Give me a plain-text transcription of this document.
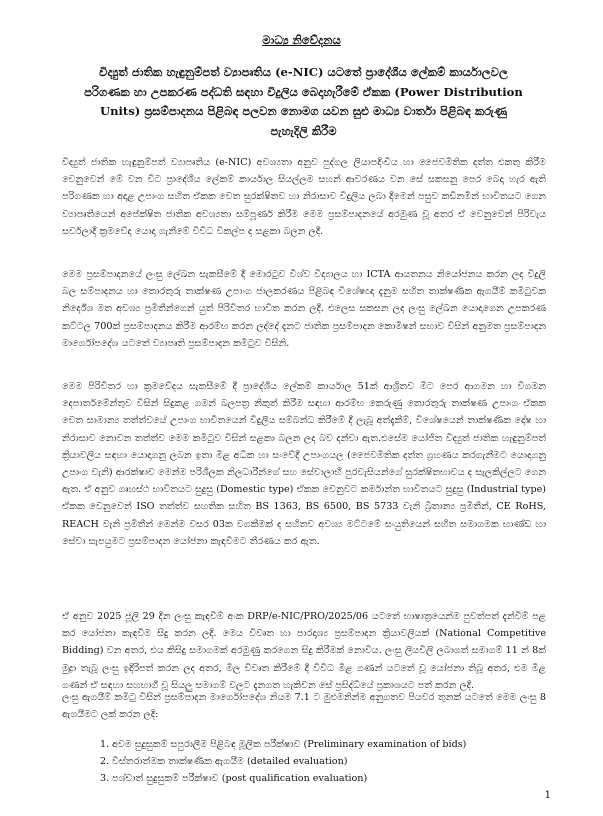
මාධ්‍ය නිවේදනය
විද්‍යුත් ජාතික හැඳුනුම්පත් ව්‍යාපෘතිය (e-NIC) යටතේ ප්‍රාදේශීය ලේකම් කාර්යාලවල
පරිගණක හා උපකරණ පද්ධති සඳහා විදුලිය බෙදාහැරීමේ ඒකක (Power Distribution
Units) ප්‍රසම්පාදනය පිළිබඳ පලවන නොමග යවන සුළු මාධ්‍ය වාර්තා පිළිබඳ කරුණු
පැහැදිලි කිරීම

විද්‍යුත් ජාතික හැඳුනුම්පත් ව්‍යාපෘතිය (e-NIC) අවශ්‍යතා අනුව පුද්ගල ලියාපදිංචිය හා ජෛවමිතික දත්ත එකතු කිරීම වෙනුවෙන් මේ වන විට ප්‍රාදේශීය ලේකම් කාර්යාල සියල්ලම සහන් ආවරණය වන සේ සකසනු පෙර බෙදා හැර ඇති පරිගණක හා අදාළ උපාංග සහිත ඒකක වෙත සුරක්ෂිතව හා නිරාසාව විදුලිය ලබා දීමෙන් පසුව කඩිනමින් භාවිතයට ගෙන ව්‍යාපෘතියෙන් අපේක්ෂිත ජාතික අවශ්‍යතා සම්පූර්ණ කිරීම මෙම ප්‍රසම්පාදනයේ අරමුණ වූ අතර ඒ වෙනුවෙන් පිරිවැය සර්වලාදී ක්‍රමවේද යොදා ගැනීමේ විවිධ විකල්ප ද සළකා බලන ලදී.

මෙම ප්‍රසම්පාදනයේ ලංසු ලේඛන සැකසීමේ දී මොරටුව විශ්ව විද්‍යාලය හා ICTA ආයතනය නියෝජනය කරන ලද විදුලි බල සම්පාදනය හා තොරතුරු තාක්ෂණ උපාංග ජාලකරණය පිළිබඳ විශේෂඥ දැනුම සහිත තාක්ෂණික ඇගයීම් කමිටුවක නිර්දේශ මත අවශ්‍ය ප්‍රමිතීන්ගෙන් යුත් පිරිවිතර භාවිත කරන ලදී. එලෙස සකසන ලද ලංසු ලේඛන යොදාගෙන උපකරණ කට්ටල 700ක් ප්‍රසම්පාදනය කිරීම ආරම්භ කරන ලද්දේ දැනට ජාතික ප්‍රසම්පාදන කොමිෂන් සභාව විසින් අනුමත ප්‍රසම්පාදන මාර්ගෝපදේශ යටතේ ව්‍යාපෘති ප්‍රසම්පාදන කමිටුව විසිනි.

මෙම පිරිවිතර හා ක්‍රමවේදය සැකසීමේ දී ප්‍රාදේශීය ලේකම් කාර්යාල 51ක් ආශ්‍රිතව මීට පෙර ආගමන හා විගමන දෙපාර්තමේන්තුව විසින් සිදුකළ ගමන් බලපත්‍ර නිකුත් කිරීම සඳහා ආරම්භ කෙරුණු තොරතුරු තාක්ෂණ උපාංග ඒකක වෙත සාමාන්‍ය තත්ත්වයේ උපාංග භාවිතයෙන් විදුලිය සම්බන්ධ කිරීමේ දී ලැබූ අත්දැකීම්, විශේෂයෙන් තාක්ෂණික දෝෂ හා නිරාසාව නොවන තත්ත්ව මෙම කමිටුව විසින් සළකා බලන ලද බව දන්වා ඇත.එසේම යෝජිත විද්‍යුත් ජාතික හැඳුනුම්පත් ක්‍රියාවලිය සඳහා යොදාගනු ලබන ඉතා මිළ අධික හා සංවේදී උපාංගයල (ජෛවමිතික දත්ත ග්‍රහණය කරගැනීමට යොදාගනු උපාංග වැනි) ආරක්ෂාව මෙන්ම පරිශීලක නිලධාරීන්ගේ සහ සේවාලාභී පුරවැසියන්ගේ සුරක්ෂිතභාවය ද සැලකිල්ලට ගෙන ඇත. ඒ අනුව ගෘහස්ථ භාවිතයට සුදුසු (Domestic type) ඒකක වෙනුවට කර්මාන්ත භාවිතයට සුදුසු (Industrial type) ඒකක වෙනුවෙන් ISO තත්ත්ව සහතික සහිත BS 1363, BS 6500, BS 5733 වැනි බ්‍රිතාන්‍ය ප්‍රමිතීන්, CE RoHS, REACH වැනි ප්‍රමිතීන් මෙන්ම වසර 03ක වගකීමක් ද සහිතව අවශ්‍ය මට්ටමේ සංයුතියෙන් සහිත සමාගමක භාණ්ඩ හා සේවා සැපයුමට ප්‍රසම්පාදන යෝජනා කැඳවීමට තීරණය කර ඇත.

ඒ අනුව 2025 ජූලි 29 දින ලංසු කැඳවීම් අංක DRP/e-NIC/PRO/2025/06 යටතේ භාෂාත්‍රයෙන්ම පුවත්පත් දැන්වීම් පළ කර යෝජනා කැඳවීම සිදු කරන ලදි. මෙය විවෘත හා පාරදෘශ්‍ය ප්‍රසම්පාදන ක්‍රියාවලියක් (National Competitive Bidding) වන අතර, එය කිසිදු සමාගමක් අරමුණු කරගෙන සිදු කිරීමක් නොවිය. ලංසු ලියවිලි ලබාගත් සමාගම් 11 න් 8ක් මුද්‍රා තැබූ ලංසු ඉදිරිපත් කරන ලද අතර, මිල විවෘත කිරීමේ දී විවිධ මිළ ගණන් යටතේ වූ යෝජනා තිබූ අතර, එම මිළ ගණන් ඒ සඳහා සහභාගී වූ සියලු සමාගම් වලට දැනගත හැකිවන සේ ප්‍රසිද්ධියේ ප්‍රකාශයට පත් කරන ලදි.

ලංසු ඇගයීම් කමිටු විසින් ප්‍රසම්පාදන මාර්ගෝපදේශ නියම 7.1 ට මුළුමනින්ම අනුගතව පියවර තුනක් යටතේ මෙම ලංසු 8 ඇගයීමට ලක් කරන ලදි:

1. අවම සුදුසුකම් සපුරාලීම පිළිබඳ මූලික පරීක්ෂාව (Preliminary examination of bids)
2. විස්තරාත්මක තාක්ෂණික ඇගයීම (detailed evaluation)
3. පශ්චාත් සුදුසුකම් පරීක්ෂාව (post qualification evaluation)
1
